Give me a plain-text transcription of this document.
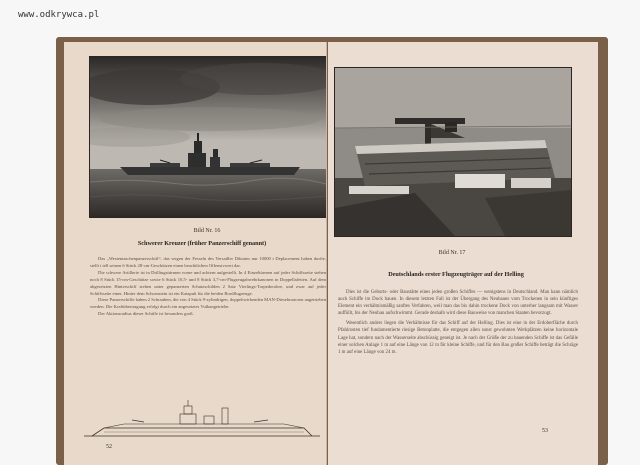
www.odkrywca.pl
Bild Nr. 16
Schwerer Kreuzer (früher Panzerschiff genannt)

Das „Westentaschenpanzerschiff“, das wegen der Fesseln des Versailler Diktates nur 10000 t Deplacement haben durfte, stellt i tell seinen 6 Stück 28-cm-Geschützen einen beachtlichen Offensivwert dar.

Die schwere Artillerie ist in Drillingstürmen vorne und achtern aufgestellt. In 4 Einzeltürmen auf jeder Schiffsseite stehen noch 8 Stück 15-cm-Geschütze sowie 6 Stück 10,5- und 8 Stück 3,7-cm-Flugzeugabwehrkanonen in Doppellafetten. Auf dem abgesetzten Hinterschiff stehen unter gepanzerten Schutzschilden 2 Satz Vierlings-Torpedorohre, und zwar auf jeder Schiffsseite einer. Hinter dem Schornstein ist ein Katapult für die beiden Bordflugzeuge.

Diese Panzerschiffe haben 2 Schrauben, die von 4 Stück 9-zylindrigen, doppeltwirkenden MAN-Dieselmotoren angetrieben werden. Die Kraftübertragung erfolgt durch ein angesetztes Vulkangetriebe.

Der Aktionsradius dieser Schiffe ist besonders groß.

52
Bild Nr. 17
Deutschlands erster Flugzeugträger auf der Helling

Dies ist die Geburts- oder Baustätte eines jeden großen Schiffes — wenigstens in Deutschland. Man kann nämlich auch Schiffe im Dock bauen. In diesem letzten Fall ist der Übergang des Neubaues vom Trockenen in sein künftiges Element ein verhältnismäßig sanftes Verfahren, weil man das bis dahin trockene Dock von unterher langsam mit Wasser auffüllt, bis der Neubau aufschwimmt. Gerade deshalb wird diese Bauweise von manchen Staaten bevorzugt.

Wesentlich anders liegen die Verhältnisse für das Schiff auf der Helling. Dies ist eine in der Erdoberfläche durch Pfahlrosten tief fundamentierte riesige Betonplatte, die entgegen allen sonst gewohnten Werkplätzen keine horizontale Lage hat, sondern nach der Wasserseite abschüssig geneigt ist. Je nach der Größe der zu bauenden Schiffe ist das Gefälle einer solchen Anlage 1 m auf eine Länge von 12 m für kleine Schiffe, und für den Bau großer Schiffe beträgt die Schräge 1 m auf eine Länge von 24 m.

53
